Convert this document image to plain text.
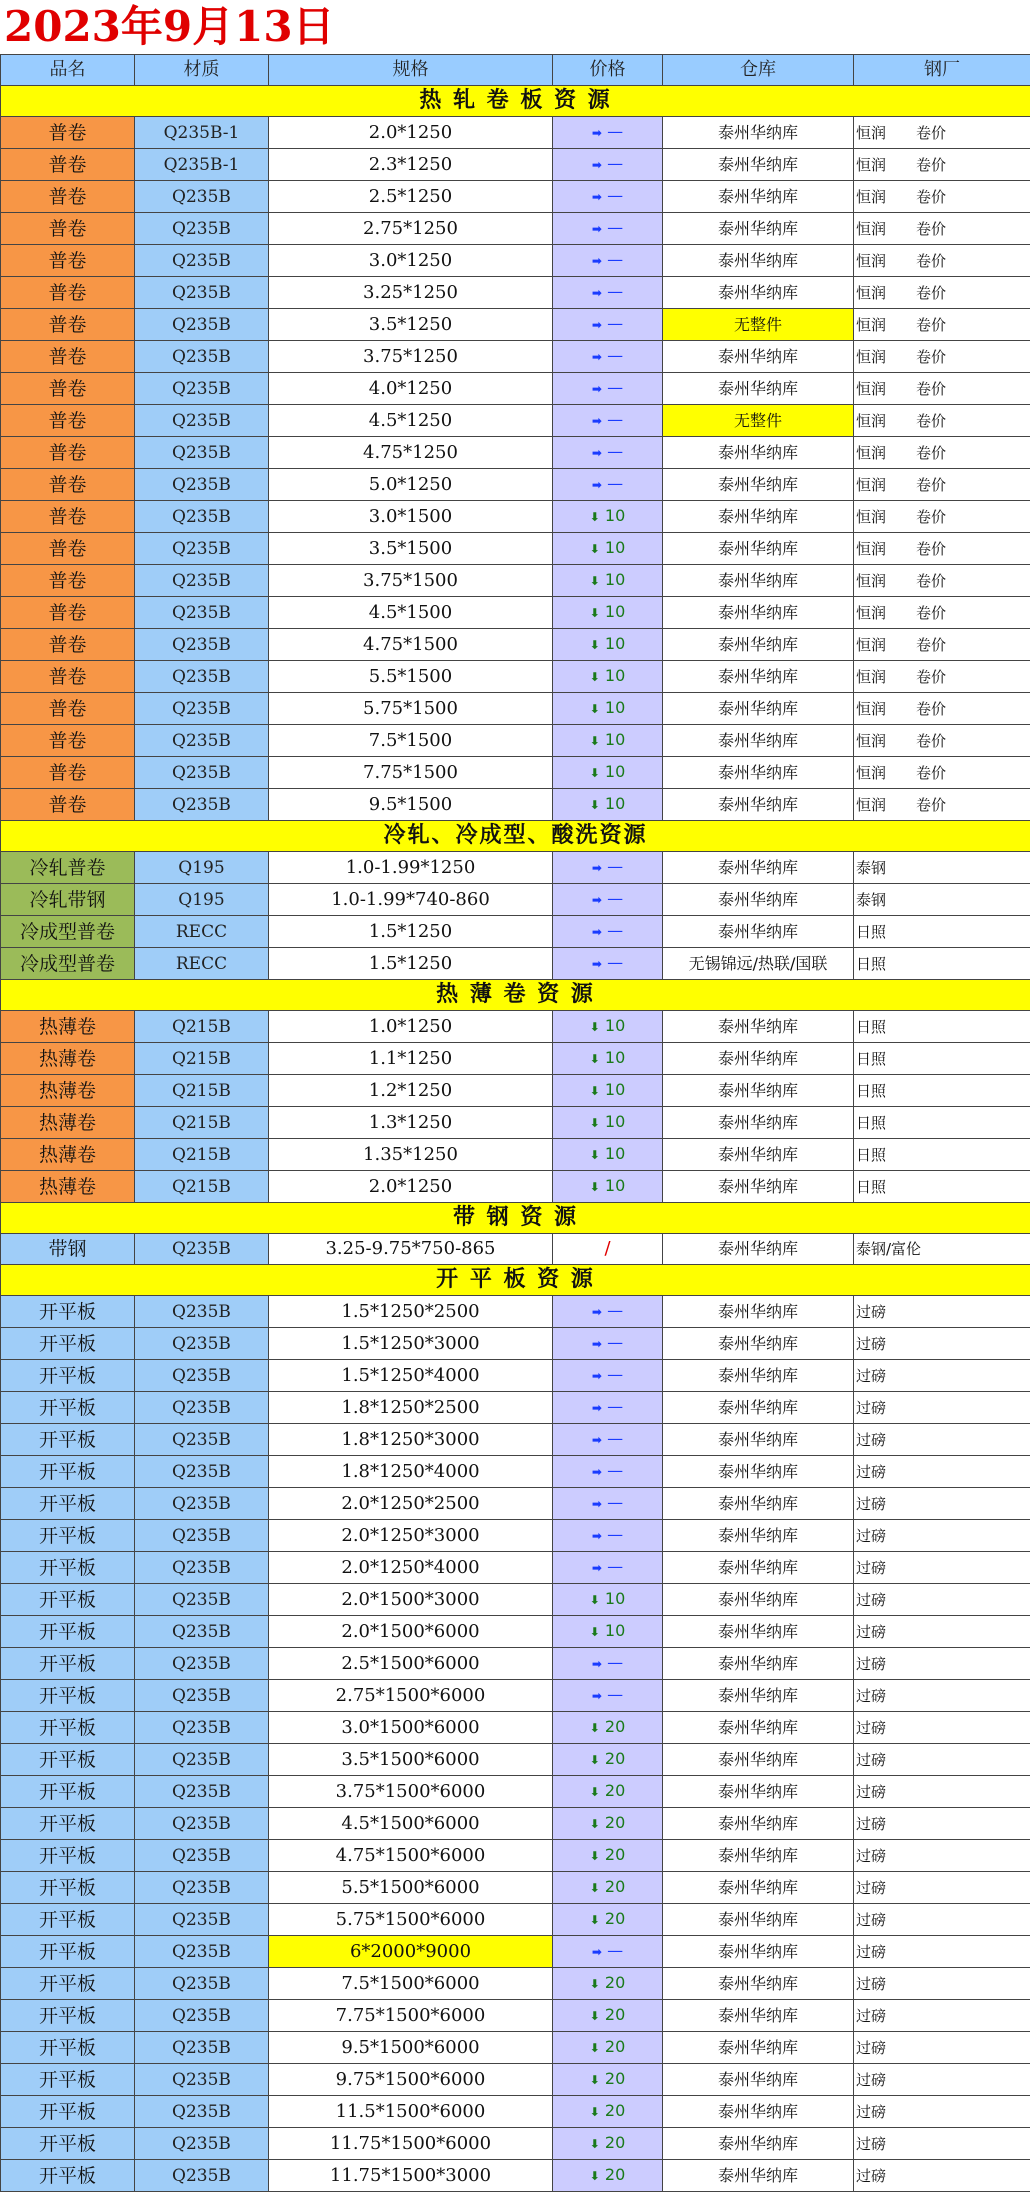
2023年9月13日
品名	材质	规格	价格	仓库	钢厂
热 轧 卷 板 资 源					
普卷	Q235B-1	2.0*1250	➡ —	泰州华纳库	恒润 卷价
普卷	Q235B-1	2.3*1250	➡ —	泰州华纳库	恒润 卷价
普卷	Q235B	2.5*1250	➡ —	泰州华纳库	恒润 卷价
普卷	Q235B	2.75*1250	➡ —	泰州华纳库	恒润 卷价
普卷	Q235B	3.0*1250	➡ —	泰州华纳库	恒润 卷价
普卷	Q235B	3.25*1250	➡ —	泰州华纳库	恒润 卷价
普卷	Q235B	3.5*1250	➡ —	无整件	恒润 卷价
普卷	Q235B	3.75*1250	➡ —	泰州华纳库	恒润 卷价
普卷	Q235B	4.0*1250	➡ —	泰州华纳库	恒润 卷价
普卷	Q235B	4.5*1250	➡ —	无整件	恒润 卷价
普卷	Q235B	4.75*1250	➡ —	泰州华纳库	恒润 卷价
普卷	Q235B	5.0*1250	➡ —	泰州华纳库	恒润 卷价
普卷	Q235B	3.0*1500	⬇ 10	泰州华纳库	恒润 卷价
普卷	Q235B	3.5*1500	⬇ 10	泰州华纳库	恒润 卷价
普卷	Q235B	3.75*1500	⬇ 10	泰州华纳库	恒润 卷价
普卷	Q235B	4.5*1500	⬇ 10	泰州华纳库	恒润 卷价
普卷	Q235B	4.75*1500	⬇ 10	泰州华纳库	恒润 卷价
普卷	Q235B	5.5*1500	⬇ 10	泰州华纳库	恒润 卷价
普卷	Q235B	5.75*1500	⬇ 10	泰州华纳库	恒润 卷价
普卷	Q235B	7.5*1500	⬇ 10	泰州华纳库	恒润 卷价
普卷	Q235B	7.75*1500	⬇ 10	泰州华纳库	恒润 卷价
普卷	Q235B	9.5*1500	⬇ 10	泰州华纳库	恒润 卷价
冷轧、冷成型、酸洗资源					
冷轧普卷	Q195	1.0-1.99*1250	➡ —	泰州华纳库	泰钢
冷轧带钢	Q195	1.0-1.99*740-860	➡ —	泰州华纳库	泰钢
冷成型普卷	RECC	1.5*1250	➡ —	泰州华纳库	日照
冷成型普卷	RECC	1.5*1250	➡ —	无锡锦远/热联/国联	日照
热 薄 卷 资 源					
热薄卷	Q215B	1.0*1250	⬇ 10	泰州华纳库	日照
热薄卷	Q215B	1.1*1250	⬇ 10	泰州华纳库	日照
热薄卷	Q215B	1.2*1250	⬇ 10	泰州华纳库	日照
热薄卷	Q215B	1.3*1250	⬇ 10	泰州华纳库	日照
热薄卷	Q215B	1.35*1250	⬇ 10	泰州华纳库	日照
热薄卷	Q215B	2.0*1250	⬇ 10	泰州华纳库	日照
带 钢 资 源					
带钢	Q235B	3.25-9.75*750-865	/	泰州华纳库	泰钢/富伦
开 平 板 资 源					
开平板	Q235B	1.5*1250*2500	➡ —	泰州华纳库	过磅
开平板	Q235B	1.5*1250*3000	➡ —	泰州华纳库	过磅
开平板	Q235B	1.5*1250*4000	➡ —	泰州华纳库	过磅
开平板	Q235B	1.8*1250*2500	➡ —	泰州华纳库	过磅
开平板	Q235B	1.8*1250*3000	➡ —	泰州华纳库	过磅
开平板	Q235B	1.8*1250*4000	➡ —	泰州华纳库	过磅
开平板	Q235B	2.0*1250*2500	➡ —	泰州华纳库	过磅
开平板	Q235B	2.0*1250*3000	➡ —	泰州华纳库	过磅
开平板	Q235B	2.0*1250*4000	➡ —	泰州华纳库	过磅
开平板	Q235B	2.0*1500*3000	⬇ 10	泰州华纳库	过磅
开平板	Q235B	2.0*1500*6000	⬇ 10	泰州华纳库	过磅
开平板	Q235B	2.5*1500*6000	➡ —	泰州华纳库	过磅
开平板	Q235B	2.75*1500*6000	➡ —	泰州华纳库	过磅
开平板	Q235B	3.0*1500*6000	⬇ 20	泰州华纳库	过磅
开平板	Q235B	3.5*1500*6000	⬇ 20	泰州华纳库	过磅
开平板	Q235B	3.75*1500*6000	⬇ 20	泰州华纳库	过磅
开平板	Q235B	4.5*1500*6000	⬇ 20	泰州华纳库	过磅
开平板	Q235B	4.75*1500*6000	⬇ 20	泰州华纳库	过磅
开平板	Q235B	5.5*1500*6000	⬇ 20	泰州华纳库	过磅
开平板	Q235B	5.75*1500*6000	⬇ 20	泰州华纳库	过磅
开平板	Q235B	6*2000*9000	➡ —	泰州华纳库	过磅
开平板	Q235B	7.5*1500*6000	⬇ 20	泰州华纳库	过磅
开平板	Q235B	7.75*1500*6000	⬇ 20	泰州华纳库	过磅
开平板	Q235B	9.5*1500*6000	⬇ 20	泰州华纳库	过磅
开平板	Q235B	9.75*1500*6000	⬇ 20	泰州华纳库	过磅
开平板	Q235B	11.5*1500*6000	⬇ 20	泰州华纳库	过磅
开平板	Q235B	11.75*1500*6000	⬇ 20	泰州华纳库	过磅
开平板	Q235B	11.75*1500*3000	⬇ 20	泰州华纳库	过磅
